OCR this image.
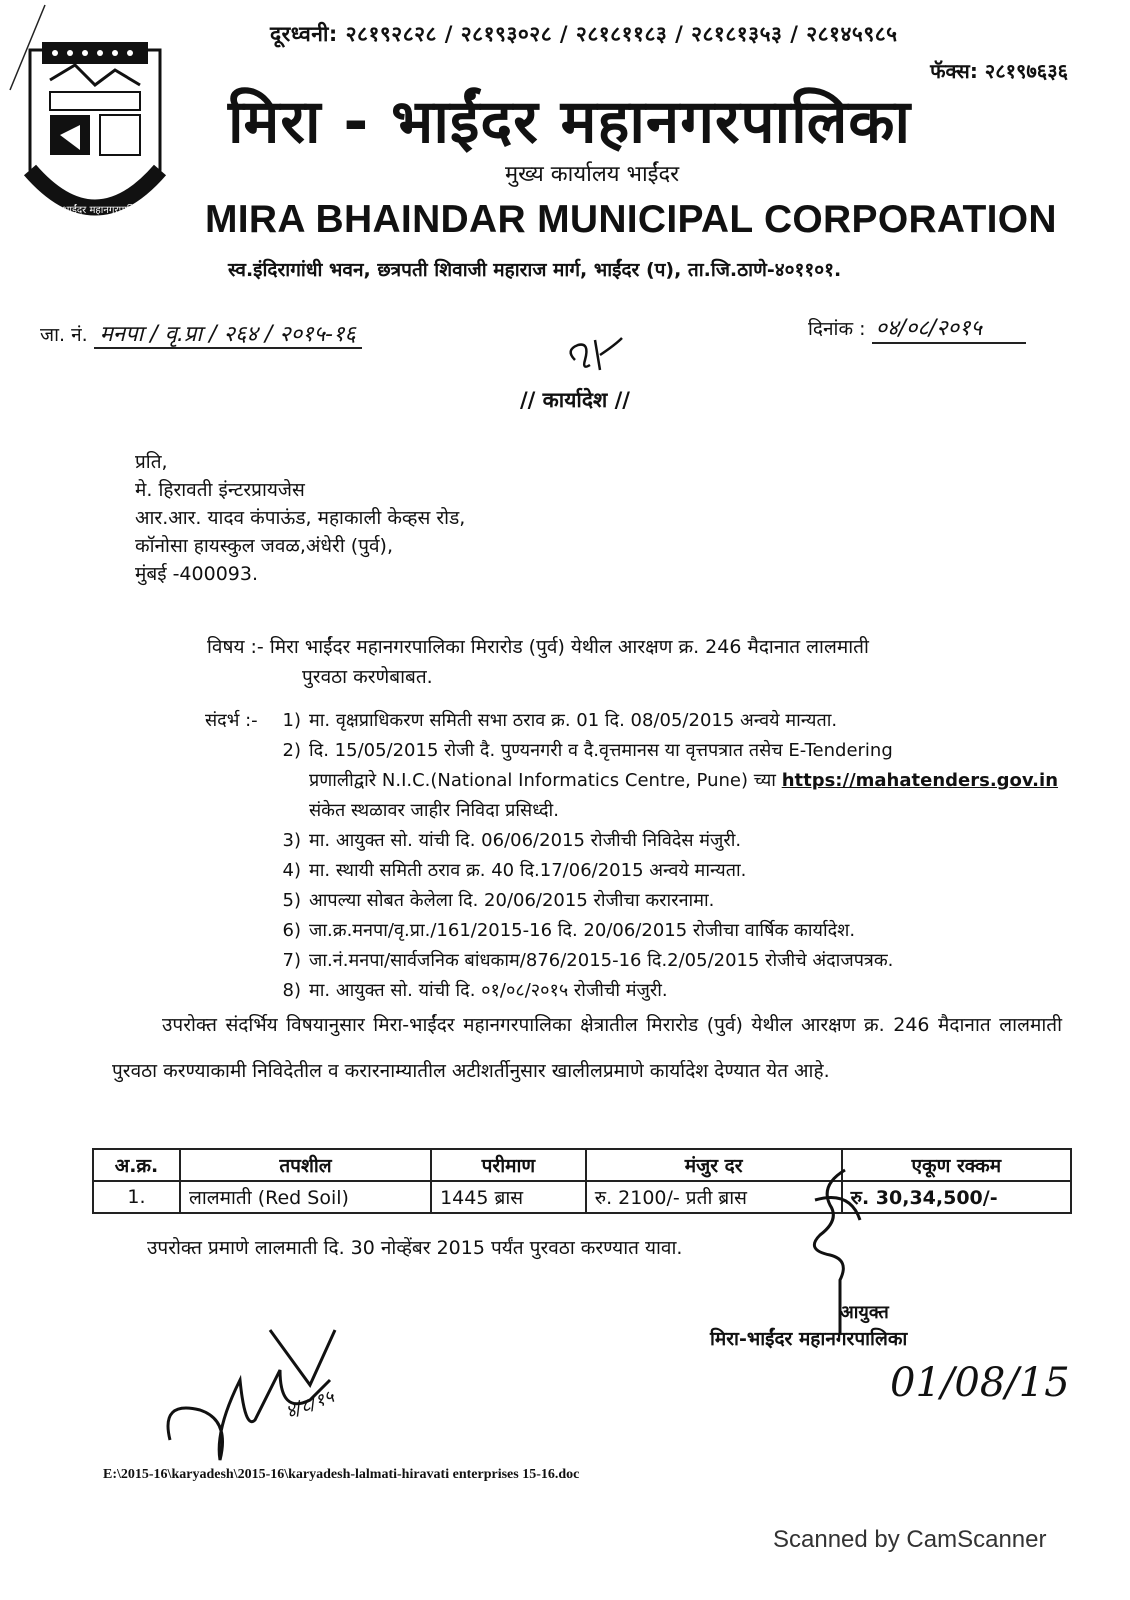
मिरा-भाईंदर महानगरपालिका
दूरध्वनी: २८१९२८२८ / २८१९३०२८ / २८१८११८३ / २८१८१३५३ / २८१४५९८५
फॅक्स: २८१९७६३६
मिरा - भाईंदर महानगरपालिका
मुख्य कार्यालय भाईंदर
MIRA BHAINDAR MUNICIPAL CORPORATION
स्व.इंदिरागांधी भवन, छत्रपती शिवाजी महाराज मार्ग, भाईंदर (प), ता.जि.ठाणे-४०११०१.
जा. नं. मनपा / वृ.प्रा / २६४ / २०१५-१६	दिनांक : ०४/०८/२०१५
// कार्यादेश //
प्रति,
मे. हिरावती इंन्टरप्रायजेस
आर.आर. यादव कंपाऊंड, महाकाली केव्हस रोड,
कॉनोसा हायस्कुल जवळ,अंधेरी (पुर्व),
मुंबई -400093.
विषय :- मिरा भाईंदर महानगरपालिका मिरारोड (पुर्व) येथील आरक्षण क्र. 246 मैदानात लालमाती
पुरवठा करणेबाबत.
संदर्भ :-	1) मा. वृक्षप्राधिकरण समिती सभा ठराव क्र. 01 दि. 08/05/2015 अन्वये मान्यता.
2) दि. 15/05/2015 रोजी दै. पुण्यनगरी व दै.वृत्तमानस या वृत्तपत्रात तसेच E-Tendering
प्रणालीद्वारे N.I.C.(National Informatics Centre, Pune) च्या https://mahatenders.gov.in
संकेत स्थळावर जाहीर निविदा प्रसिध्दी.
3) मा. आयुक्त सो. यांची दि. 06/06/2015 रोजीची निविदेस मंजुरी.
4) मा. स्थायी समिती ठराव क्र. 40 दि.17/06/2015 अन्वये मान्यता.
5) आपल्या सोबत केलेला दि. 20/06/2015 रोजीचा करारनामा.
6) जा.क्र.मनपा/वृ.प्रा./161/2015-16 दि. 20/06/2015 रोजीचा वार्षिक कार्यादेश.
7) जा.नं.मनपा/सार्वजनिक बांधकाम/876/2015-16 दि.2/05/2015 रोजीचे अंदाजपत्रक.
8) मा. आयुक्त सो. यांची दि. ०१/०८/२०१५ रोजीची मंजुरी.
उपरोक्त संदर्भिय विषयानुसार मिरा-भाईंदर महानगरपालिका क्षेत्रातील मिरारोड (पुर्व) येथील आरक्षण क्र. 246 मैदानात लालमाती पुरवठा करण्याकामी निविदेतील व करारनाम्यातील अटीशर्तीनुसार खालीलप्रमाणे कार्यादेश देण्यात येत आहे.
अ.क्र.	तपशील	परीमाण	मंजुर दर	एकूण रक्कम
1.	लालमाती (Red Soil)	1445 ब्रास	रु. 2100/- प्रती ब्रास	रु. 30,34,500/-
उपरोक्त प्रमाणे लालमाती दि. 30 नोव्हेंबर 2015 पर्यंत पुरवठा करण्यात यावा.
आयुक्त
मिरा-भाईंदर महानगरपालिका
01/08/15
४/८/१५
E:\2015-16\karyadesh\2015-16\karyadesh-lalmati-hiravati enterprises 15-16.doc
Scanned by CamScanner
